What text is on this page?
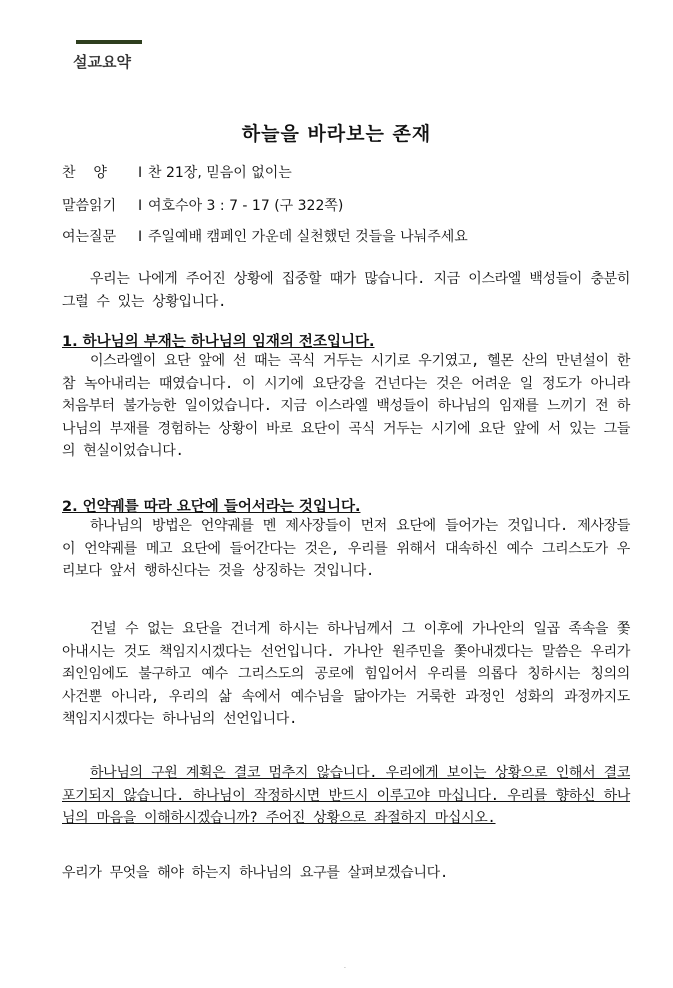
설교요약
하늘을 바라보는 존재
찬    양 I 찬 21장, 믿음이 없이는
말씀읽기 I 여호수아 3 : 7 - 17 (구 322쪽)
여는질문 I 주일예배 캠페인 가운데 실천했던 것들을 나눠주세요

우리는 나에게 주어진 상황에 집중할 때가 많습니다. 지금 이스라엘 백성들이 충분히 그럴 수 있는 상황입니다.

1. 하나님의 부재는 하나님의 임재의 전조입니다.

이스라엘이 요단 앞에 선 때는 곡식 거두는 시기로 우기였고, 헬몬 산의 만년설이 한참 녹아내리는 때였습니다. 이 시기에 요단강을 건넌다는 것은 어려운 일 정도가 아니라 처음부터 불가능한 일이었습니다. 지금 이스라엘 백성들이 하나님의 임재를 느끼기 전 하나님의 부재를 경험하는 상황이 바로 요단이 곡식 거두는 시기에 요단 앞에 서 있는 그들의 현실이었습니다.

2. 언약궤를 따라 요단에 들어서라는 것입니다.

하나님의 방법은 언약궤를 멘 제사장들이 먼저 요단에 들어가는 것입니다. 제사장들이 언약궤를 메고 요단에 들어간다는 것은, 우리를 위해서 대속하신 예수 그리스도가 우리보다 앞서 행하신다는 것을 상징하는 것입니다.

건널 수 없는 요단을 건너게 하시는 하나님께서 그 이후에 가나안의 일곱 족속을 쫓아내시는 것도 책임지시겠다는 선언입니다. 가나안 원주민을 쫓아내겠다는 말씀은 우리가 죄인임에도 불구하고 예수 그리스도의 공로에 힘입어서 우리를 의롭다 칭하시는 칭의의 사건뿐 아니라, 우리의 삶 속에서 예수님을 닮아가는 거룩한 과정인 성화의 과정까지도 책임지시겠다는 하나님의 선언입니다.

하나님의 구원 계획은 결코 멈추지 않습니다. 우리에게 보이는 상황으로 인해서 결코 포기되지 않습니다. 하나님이 작정하시면 반드시 이루고야 마십니다. 우리를 향하신 하나님의 마음을 이해하시겠습니까? 주어진 상황으로 좌절하지 마십시오.

우리가 무엇을 해야 하는지 하나님의 요구를 살펴보겠습니다.

.
